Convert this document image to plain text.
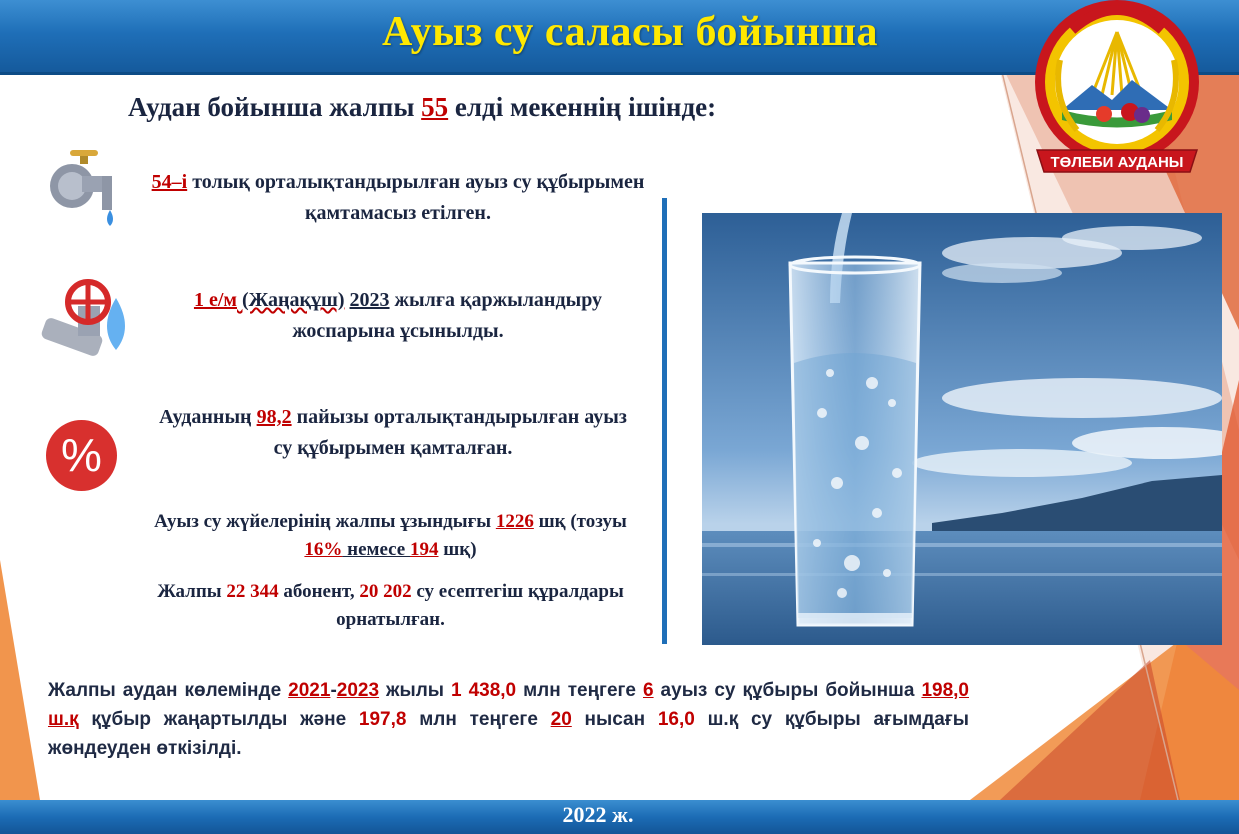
Ауыз су саласы бойынша
ТӨЛЕБИ АУДАНЫ
Аудан бойынша жалпы 55 елді мекеннің ішінде:
54–і толық орталықтандырылған ауыз су құбырымен қамтамасыз етілген.
1 е/м (Жаңақұш) 2023 жылға қаржыландыру жоспарына ұсынылды.
%
Ауданның 98,2 пайызы орталықтандырылған ауыз су құбырымен қамталған.
Ауыз су жүйелерінің жалпы ұзындығы 1226 шқ (тозуы 16% немесе 194 шқ)
Жалпы 22 344 абонент, 20 202 су есептегіш құралдары орнатылған.
Жалпы аудан көлемінде 2021-2023 жылы 1 438,0 млн теңгеге 6 ауыз су құбыры бойынша 198,0 ш.қ құбыр жаңартылды және 197,8 млн теңгеге 20 нысан 16,0 ш.қ су құбыры ағымдағы жөндеуден өткізілді.
2022 ж.
